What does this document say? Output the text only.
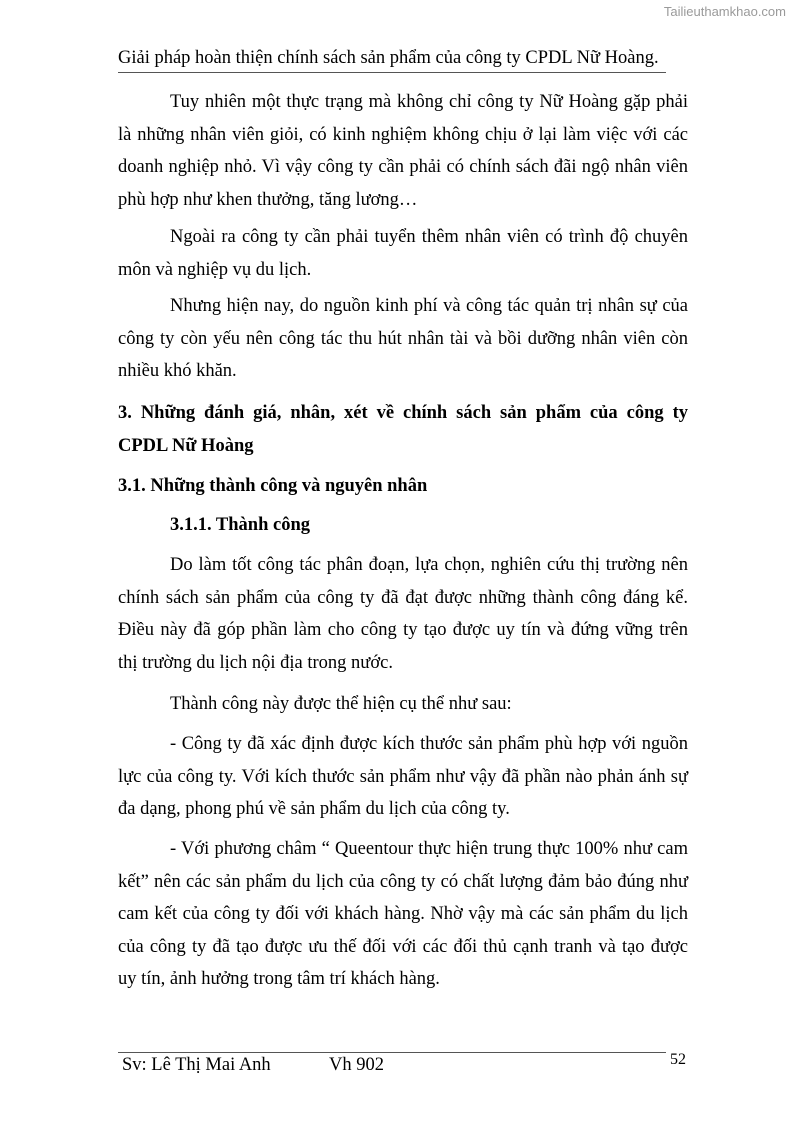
Tailieuthamkhao.com
Giải pháp hoàn thiện chính sách sản phẩm của công ty CPDL Nữ Hoàng.
Tuy nhiên một thực trạng mà không chỉ công ty Nữ Hoàng gặp phải
là những nhân viên giỏi, có kinh nghiệm không chịu ở lại làm việc với các
doanh nghiệp nhỏ. Vì vậy công ty cần phải có chính sách đãi ngộ nhân viên
phù hợp như khen thưởng, tăng lương…
Ngoài ra công ty cần phải tuyển thêm nhân viên có trình độ chuyên
môn và nghiệp vụ du lịch.
Nhưng hiện nay, do nguồn kinh phí và công tác quản trị nhân sự của
công ty còn yếu nên công tác thu hút nhân tài và bồi dưỡng nhân viên còn
nhiều khó khăn.
3. Những đánh giá, nhân, xét về chính sách sản phẩm của công ty
CPDL Nữ Hoàng
3.1. Những thành công và nguyên nhân
3.1.1. Thành công
Do làm tốt công tác phân đoạn, lựa chọn, nghiên cứu thị trường nên
chính sách sản phẩm của công ty đã đạt được những thành công đáng kể.
Điều này đã góp phần làm cho công ty tạo được uy tín và đứng vững trên
thị trường du lịch nội địa trong nước.
Thành công này được thể hiện cụ thể như sau:
- Công ty đã xác định được kích thước sản phẩm phù hợp với nguồn
lực của công ty. Với kích thước sản phẩm như vậy đã phần nào phản ánh sự
đa dạng, phong phú về sản phẩm du lịch của công ty.
- Với phương châm “ Queentour thực hiện trung thực 100% như cam
kết” nên các sản phẩm du lịch của công ty có chất lượng đảm bảo đúng như
cam kết của công ty đối với khách hàng. Nhờ vậy mà các sản phẩm du lịch
của công ty đã tạo được ưu thế đối với các đối thủ cạnh tranh và tạo được
uy tín, ảnh hưởng trong tâm trí khách hàng.
Sv: Lê Thị Mai Anh	Vh 902	52
